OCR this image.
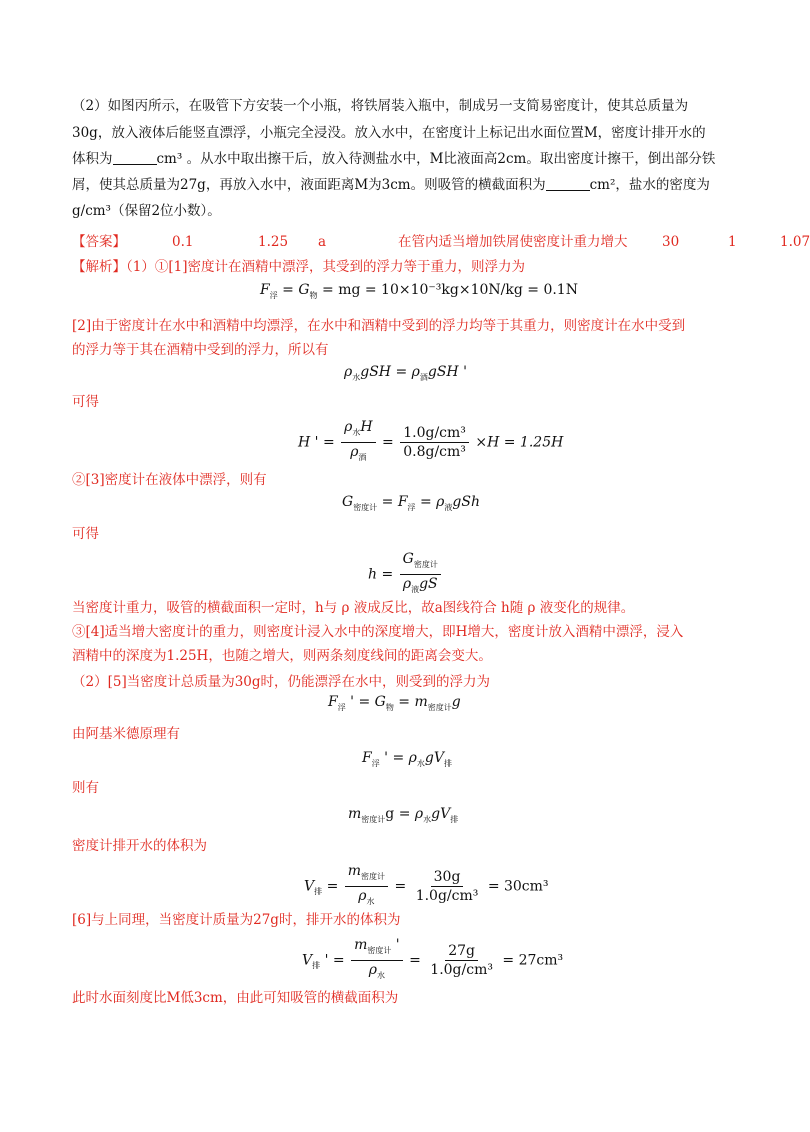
（2）如图丙所示，在吸管下方安装一个小瓶，将铁屑装入瓶中，制成另一支简易密度计，使其总质量为
30g，放入液体后能竖直漂浮，小瓶完全浸没。放入水中，在密度计上标记出水面位置M，密度计排开水的
体积为	cm³ 。从水中取出擦干后，放入待测盐水中，M比液面高2cm。取出密度计擦干，倒出部分铁
屑，使其总质量为27g，再放入水中，液面距离M为3cm。则吸管的横截面积为	cm²，盐水的密度为
g/cm³（保留2位小数）。
【答案】	0.1	1.25 a	在管内适当增加铁屑使密度计重力增大	30	1	1.07
【解析】（1）①[1]密度计在酒精中漂浮，其受到的浮力等于重力，则浮力为
$F_浮 = G_物$ = mg = 10×10⁻³kg×10N/kg = 0.1N
[2]由于密度计在水中和酒精中均漂浮，在水中和酒精中受到的浮力均等于其重力，则密度计在水中受到
的浮力等于其在酒精中受到的浮力，所以有
$\rho_水gSH = \rho_酒gSH$ '
可得
H ' = $\frac{\rho_水H}{\rho_酒} = \frac{\text{1.0g/cm³}}{\text{0.8g/cm³}} \times H = 1.25H$
②[3]密度计在液体中漂浮，则有
$G_{密度计} = F_浮 = \rho_液gSh$
可得
$h = \frac{G_{密度计}}{\rho_液gS}$
当密度计重力，吸管的横截面积一定时，h与 ρ 液成反比，故a图线符合 h随 ρ 液变化的规律。
③[4]适当增大密度计的重力，则密度计浸入水中的深度增大，即H增大，密度计放入酒精中漂浮，浸入
酒精中的深度为1.25H，也随之增大，则两条刻度线间的距离会变大。
（2）[5]当密度计总质量为30g时，仍能漂浮在水中，则受到的浮力为
$F_浮$ ' = $G_物 = m_{密度计}g$
由阿基米德原理有
$F_浮$ ' = $\rho_水gV_排$
则有
$m_{密度计}g = \rho_水gV_排$
密度计排开水的体积为
$V_排 = \frac{m_{密度计}}{\rho_水} = \frac{30g}{\text{1.0g/cm³}} = 30cm^3$
[6]与上同理，当密度计质量为27g时，排开水的体积为
$V_排$ ' = $\frac{m_{密度计} '}{\rho_水} = \frac{27g}{\text{1.0g/cm³}} = 27cm^3$
此时水面刻度比M低3cm，由此可知吸管的横截面积为
